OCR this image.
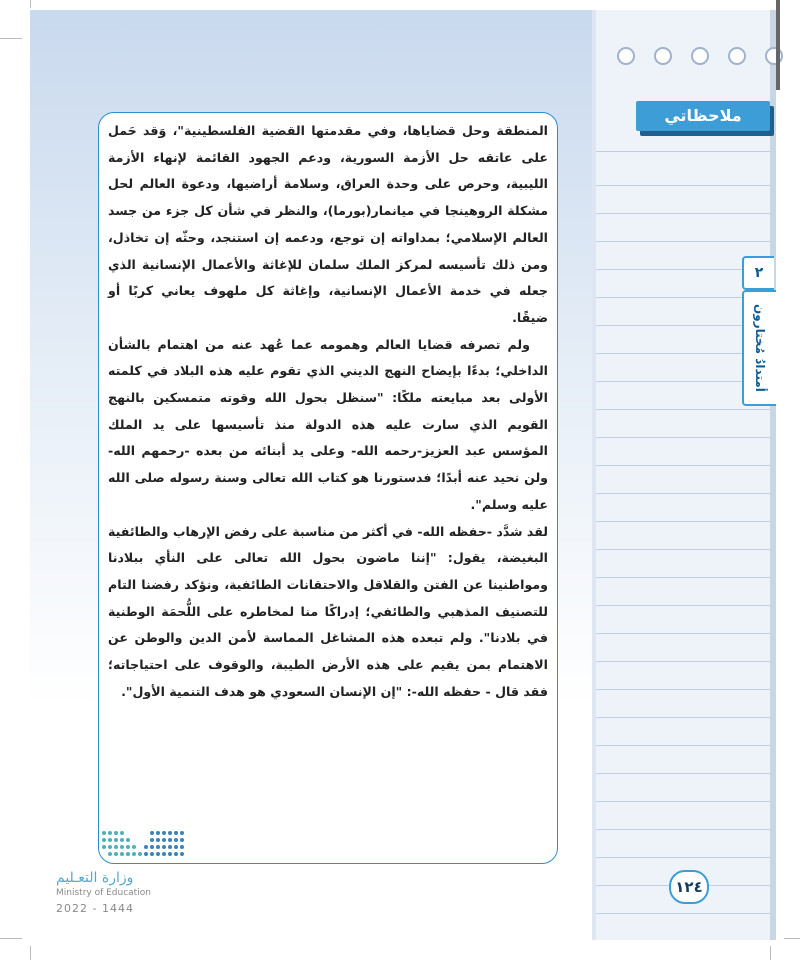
ملاحظاتي
٢
أمتدادُ مُختارون

المنطقة وحل قضاياها، وفي مقدمتها القضية الفلسطينية"، وَقد حَمل على عاتقه حل الأزمة السورية، ودعم الجهود القائمة لإنهاء الأزمة الليبية، وحرص على وحدة العراق، وسلامة أراضيها، ودعوة العالم لحل مشكلة الروهينجا في ميانمار(بورما)، والنظر في شأن كل جزء من جسد العالم الإسلامي؛ بمداواته إن توجع، ودعمه إن استنجد، وحثّه إن تخاذل، ومن ذلك تأسيسه لمركز الملك سلمان للإغاثة والأعمال الإنسانية الذي جعله في خدمة الأعمال الإنسانية، وإغاثة كل ملهوف يعاني كربًا أو ضيقًا.

ولم تصرفه قضايا العالم وهمومه عما عُهد عنه من اهتمام بالشأن الداخلي؛ بدءًا بإيضاح النهج الديني الذي تقوم عليه هذه البلاد في كلمته الأولى بعد مبايعته ملكًا: "سنظل بحول الله وقوته متمسكين بالنهج القويم الذي سارت عليه هذه الدولة منذ تأسيسها على يد الملك المؤسس عبد العزيز-رحمه الله- وعلى يد أبنائه من بعده -رحمهم الله- ولن نحيد عنه أبدًا؛ فدستورنا هو كتاب الله تعالى وسنة رسوله صلى الله عليه وسلم".

لقد شدَّد -حفظه الله- في أكثر من مناسبة على رفض الإرهاب والطائفية البغيضة، يقول: "إننا ماضون بحول الله تعالى على النأي ببلادنا ومواطنينا عن الفتن والقلاقل والاحتقانات الطائفية، ونؤكد رفضنا التام للتصنيف المذهبي والطائفي؛ إدراكًا منا لمخاطره على اللُّحمَة الوطنية في بلادنا". ولم تبعده هذه المشاغل المماسة لأمن الدين والوطن عن الاهتمام بمن يقيم على هذه الأرض الطيبة، والوقوف على احتياجاته؛ فقد قال - حفظه الله-: "إن الإنسان السعودي هو هدف التنمية الأول".

وزارة التعـليم
Ministry of Education
2022 - 1444
١٢٤
